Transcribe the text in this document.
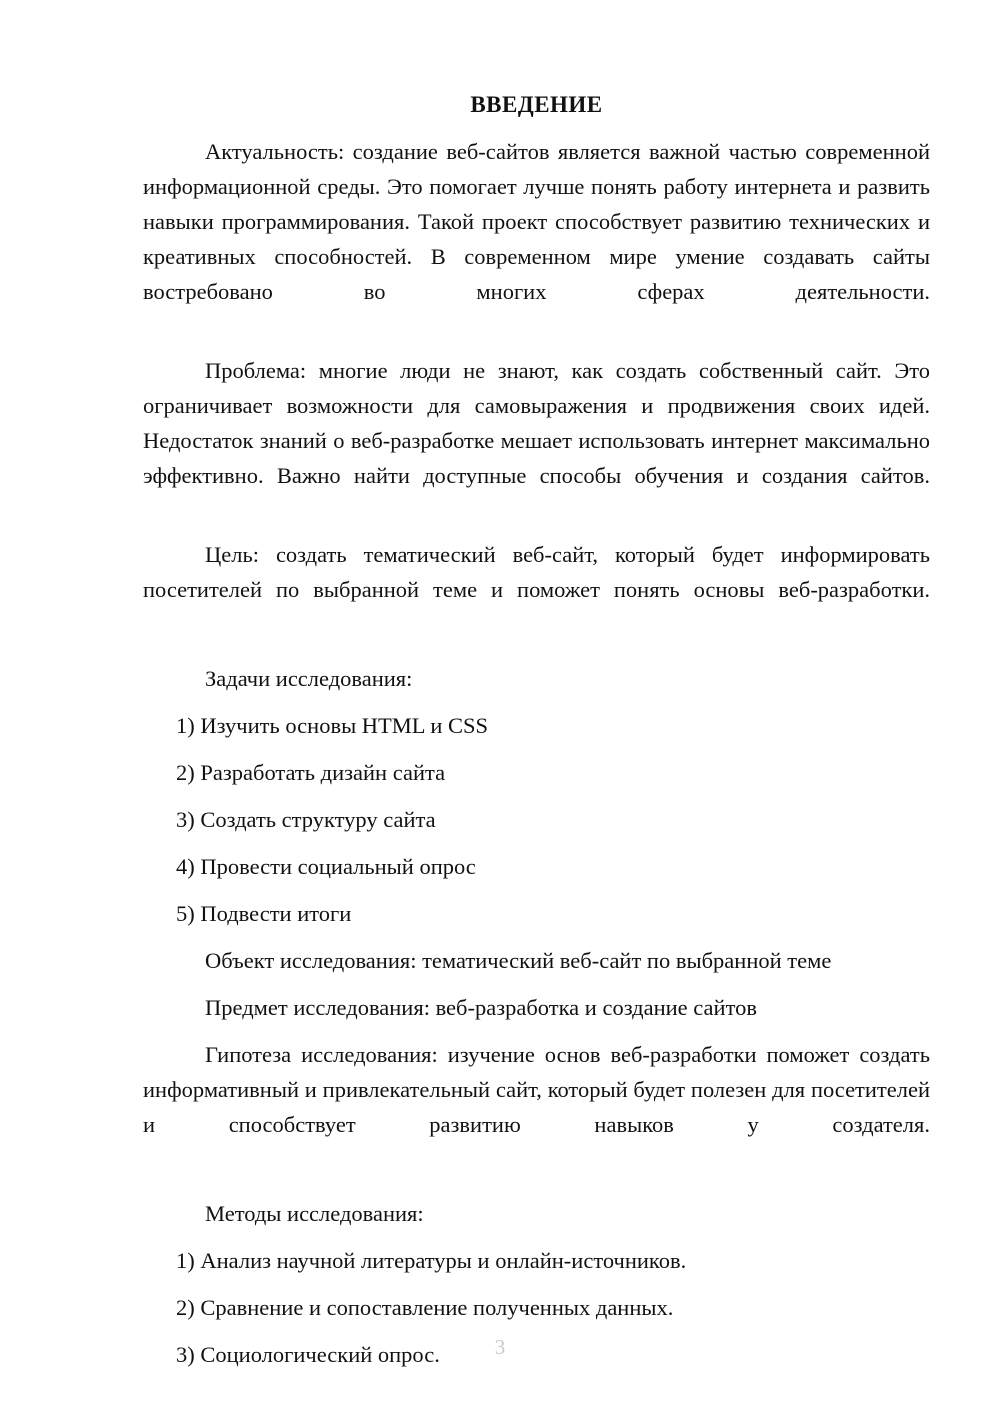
ВВЕДЕНИЕ

Актуальность: создание веб-сайтов является важной частью современной информационной среды. Это помогает лучше понять работу интернета и развить навыки программирования. Такой проект способствует развитию технических и креативных способностей. В современном мире умение создавать сайты востребовано во многих сферах деятельности.

Проблема: многие люди не знают, как создать собственный сайт. Это ограничивает возможности для самовыражения и продвижения своих идей. Недостаток знаний о веб-разработке мешает использовать интернет максимально эффективно. Важно найти доступные способы обучения и создания сайтов.

Цель: создать тематический веб-сайт, который будет информировать посетителей по выбранной теме и поможет понять основы веб-разработки.

Задачи исследования:

1) Изучить основы HTML и CSS

2) Разработать дизайн сайта

3) Создать структуру сайта

4) Провести социальный опрос

5) Подвести итоги

Объект исследования: тематический веб-сайт по выбранной теме

Предмет исследования: веб-разработка и создание сайтов

Гипотеза исследования: изучение основ веб-разработки поможет создать информативный и привлекательный сайт, который будет полезен для посетителей и способствует развитию навыков у создателя.

Методы исследования:

1) Анализ научной литературы и онлайн-источников.

2) Сравнение и сопоставление полученных данных.

3) Социологический опрос.	3
